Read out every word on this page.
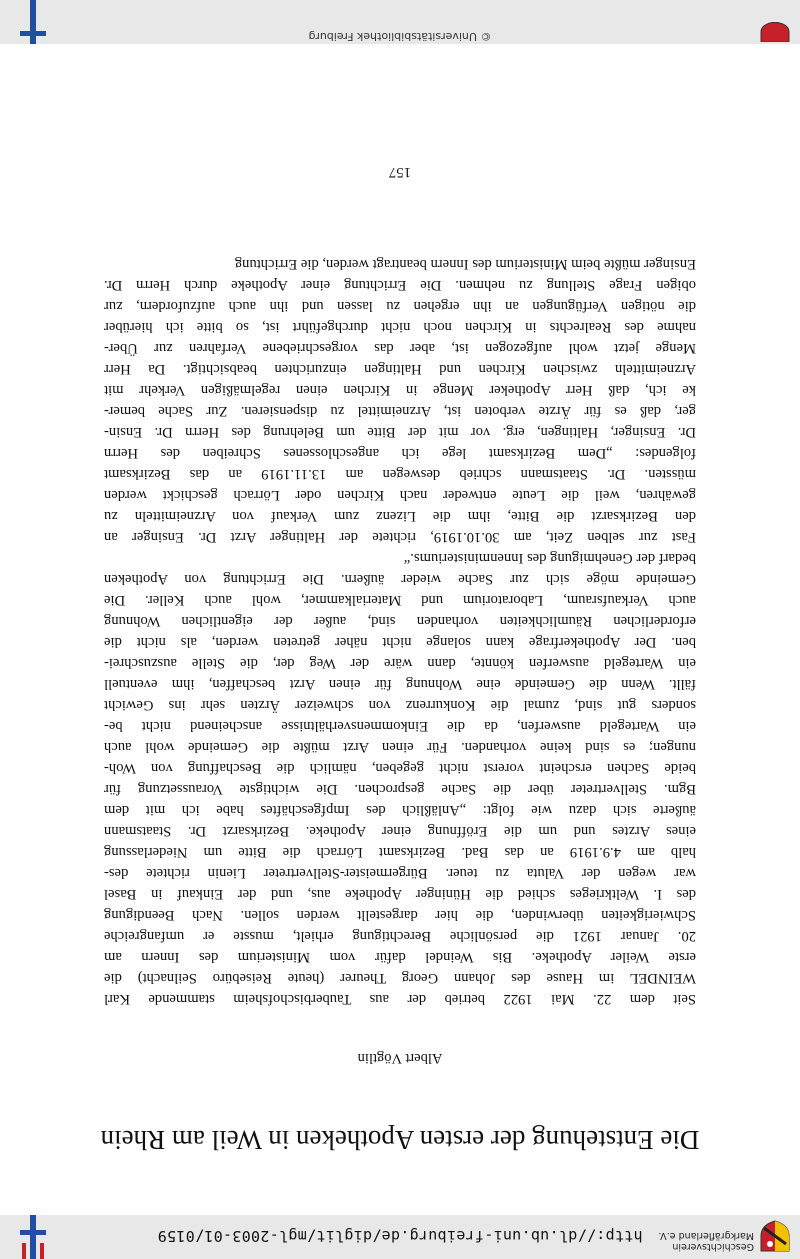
Geschichtsverein
Markgräflerland e.V.
http://dl.ub.uni-freiburg.de/diglit/mgl-2003-01/0159
Die Entstehung der ersten Apotheken in Weil am Rhein
Albert Vögtlin
Seit dem 22. Mai 1922 betrieb der aus Tauberbischofsheim stammende Karl
WEINDEL im Hause des Johann Georg Theurer (heute Reisebüro Seilnacht) die
erste Weiler Apotheke. Bis Weindel dafür vom Ministerium des Innern am
20. Januar 1921 die persönliche Berechtigung erhielt, musste er umfangreiche
Schwierigkeiten überwinden, die hier dargestellt werden sollen. Nach Beendigung
des I. Weltkrieges schied die Hüninger Apotheke aus, und der Einkauf in Basel
war wegen der Valuta zu teuer. Bürgermeister-Stellvertreter Lienin richtete des-
halb am 4.9.1919 an das Bad. Bezirksamt Lörrach die Bitte um Niederlassung
eines Arztes und um die Eröffnung einer Apotheke. Bezirksarzt Dr. Staatsmann
äußerte sich dazu wie folgt: „Anläßlich des Impfgeschäftes habe ich mit dem
Bgm. Stellvertreter über die Sache gesprochen. Die wichtigste Voraussetzung für
beide Sachen erscheint vorerst nicht gegeben, nämlich die Beschaffung von Woh-
nungen; es sind keine vorhanden. Für einen Arzt müßte die Gemeinde wohl auch
ein Wartegeld auswerfen, da die Einkommensverhältnisse anscheinend nicht be-
sonders gut sind, zumal die Konkurrenz von schweizer Ärzten sehr ins Gewicht
fällt. Wenn die Gemeinde eine Wohnung für einen Arzt beschaffen, ihm eventuell
ein Wartegeld auswerfen könnte, dann wäre der Weg der, die Stelle auszuschrei-
ben. Der Apothekerfrage kann solange nicht näher getreten werden, als nicht die
erforderlichen Räumlichkeiten vorhanden sind, außer der eigentlichen Wohnung
auch Verkaufsraum, Laboratorium und Materialkammer, wohl auch Keller. Die
Gemeinde möge sich zur Sache wieder äußern. Die Errichtung von Apotheken
bedarf der Genehmigung des Innenministeriums.“
Fast zur selben Zeit, am 30.10.1919, richtete der Haltinger Arzt Dr. Ensinger an
den Bezirksarzt die Bitte, ihm die Lizenz zum Verkauf von Arzneimitteln zu
gewähren, weil die Leute entweder nach Kirchen oder Lörrach geschickt werden
müssten. Dr. Staatsmann schrieb deswegen am 13.11.1919 an das Bezirksamt
folgendes: „Dem Bezirksamt lege ich angeschlossenes Schreiben des Herrn
Dr. Ensinger, Haltingen, erg. vor mit der Bitte um Belehrung des Herrn Dr. Ensin-
ger, daß es für Ärzte verboten ist, Arzneimittel zu dispensieren. Zur Sache bemer-
ke ich, daß Herr Apotheker Menge in Kirchen einen regelmäßigen Verkehr mit
Arzneimitteln zwischen Kirchen und Haltingen einzurichten beabsichtigt. Da Herr
Menge jetzt wohl aufgezogen ist, aber das vorgeschriebene Verfahren zur Über-
nahme des Realrechts in Kirchen noch nicht durchgeführt ist, so bitte ich hierüber
die nötigen Verfügungen an ihn ergehen zu lassen und ihn auch aufzufordern, zur
obigen Frage Stellung zu nehmen. Die Errichtung einer Apotheke durch Herrn Dr.
Ensinger müßte beim Ministerium des Innern beantragt werden, die Errichtung
157
© Universitätsbibliothek Freiburg
